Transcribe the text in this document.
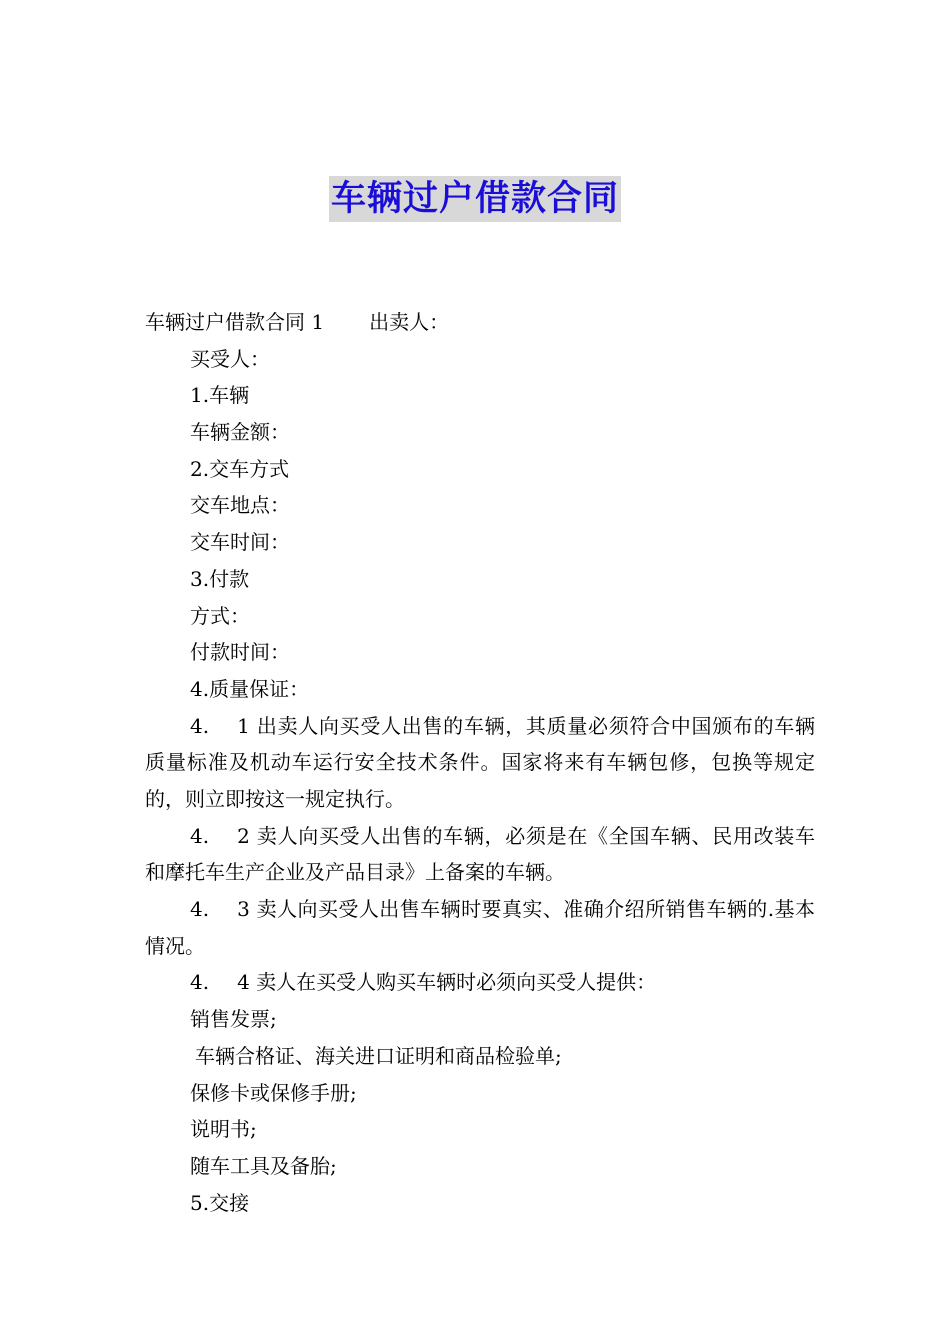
车辆过户借款合同
车辆过户借款合同 1 出卖人：
买受人：
1.车辆
车辆金额：
2.交车方式
交车地点：
交车时间：
3.付款
方式：
付款时间：
4.质量保证：
4. 1 出卖人向买受人出售的车辆，其质量必须符合中国颁布的车辆质量标准及机动车运行安全技术条件。国家将来有车辆包修，包换等规定的，则立即按这一规定执行。
4. 2 卖人向买受人出售的车辆，必须是在《全国车辆、民用改装车和摩托车生产企业及产品目录》上备案的车辆。
4. 3 卖人向买受人出售车辆时要真实、准确介绍所销售车辆的.基本情况。
4. 4 卖人在买受人购买车辆时必须向买受人提供：
销售发票;
车辆合格证、海关进口证明和商品检验单;
保修卡或保修手册;
说明书;
随车工具及备胎;
5.交接
